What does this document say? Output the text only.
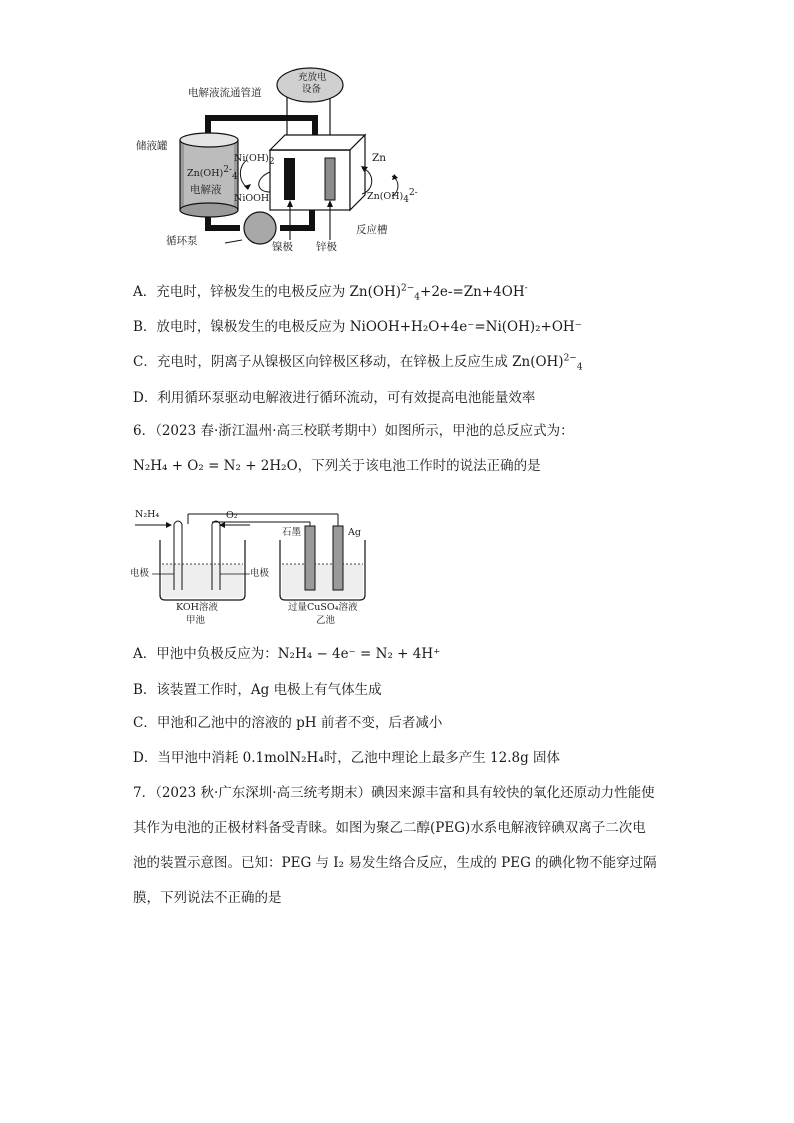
电解液流通管道
充放电
设备
储液罐
Zn(OH)$^{2-}_4$
电解液
$Ni(OH)_2$
NiOOH
Zn
$Zn(OH)_4^{2-}$
循环泵	镍极 锌极
反应槽
A．充电时，锌极发生的电极反应为 Zn(OH)$^{2-}_4$+2e-=Zn+4OH-
B．放电时，镍极发生的电极反应为 NiOOH+H₂O+4e⁻=Ni(OH)₂+OH⁻
C．充电时，阴离子从镍极区向锌极区移动，在锌极上反应生成 Zn(OH)$^{2-}_4$
D．利用循环泵驱动电解液进行循环流动，可有效提高电池能量效率
6．（2023 春·浙江温州·高三校联考期中）如图所示，甲池的总反应式为：
N₂H₄ + O₂ = N₂ + 2H₂O，下列关于该电池工作时的说法正确的是
N₂H₄	O₂
石墨	Ag
电极	电极
KOH溶液
甲池
过量CuSO₄溶液
乙池
A．甲池中负极反应为：N₂H₄ − 4e⁻ = N₂ + 4H⁺
B．该装置工作时，Ag 电极上有气体生成
C．甲池和乙池中的溶液的 pH 前者不变，后者减小
D．当甲池中消耗 0.1molN₂H₄时，乙池中理论上最多产生 12.8g 固体
7．（2023 秋·广东深圳·高三统考期末）碘因来源丰富和具有较快的氧化还原动力性能使
其作为电池的正极材料备受青睐。如图为聚乙二醇(PEG)水系电解液锌碘双离子二次电
池的装置示意图。已知：PEG 与 I₂ 易发生络合反应，生成的 PEG 的碘化物不能穿过隔
膜，下列说法不正确的是
